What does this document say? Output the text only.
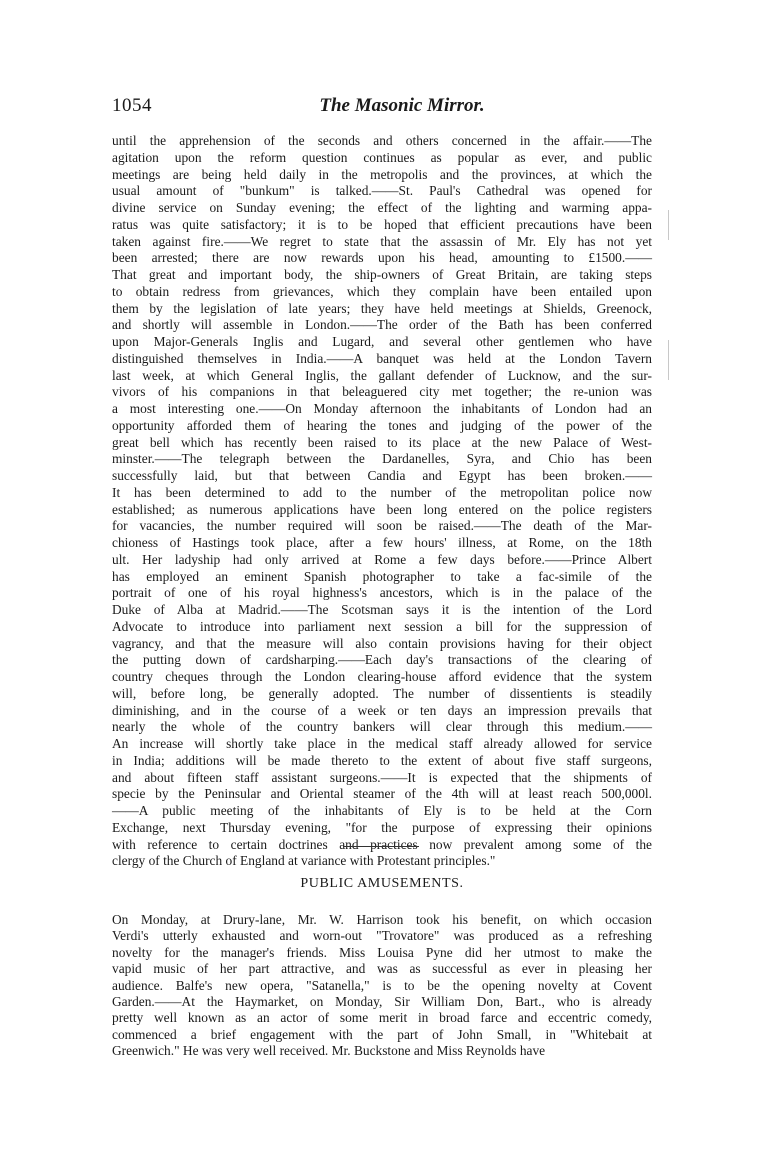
1054	The Masonic Mirror.
until the apprehension of the seconds and others concerned in the affair.——The
agitation upon the reform question continues as popular as ever, and public
meetings are being held daily in the metropolis and the provinces, at which the
usual amount of "bunkum" is talked.——St. Paul's Cathedral was opened for
divine service on Sunday evening; the effect of the lighting and warming appa-
ratus was quite satisfactory; it is to be hoped that efficient precautions have been
taken against fire.——We regret to state that the assassin of Mr. Ely has not yet
been arrested; there are now rewards upon his head, amounting to £1500.——
That great and important body, the ship-owners of Great Britain, are taking steps
to obtain redress from grievances, which they complain have been entailed upon
them by the legislation of late years; they have held meetings at Shields, Greenock,
and shortly will assemble in London.——The order of the Bath has been conferred
upon Major-Generals Inglis and Lugard, and several other gentlemen who have
distinguished themselves in India.——A banquet was held at the London Tavern
last week, at which General Inglis, the gallant defender of Lucknow, and the sur-
vivors of his companions in that beleaguered city met together; the re-union was
a most interesting one.——On Monday afternoon the inhabitants of London had an
opportunity afforded them of hearing the tones and judging of the power of the
great bell which has recently been raised to its place at the new Palace of West-
minster.——The telegraph between the Dardanelles, Syra, and Chio has been
successfully laid, but that between Candia and Egypt has been broken.——
It has been determined to add to the number of the metropolitan police now
established; as numerous applications have been long entered on the police registers
for vacancies, the number required will soon be raised.——The death of the Mar-
chioness of Hastings took place, after a few hours' illness, at Rome, on the 18th
ult. Her ladyship had only arrived at Rome a few days before.——Prince Albert
has employed an eminent Spanish photographer to take a fac-simile of the
portrait of one of his royal highness's ancestors, which is in the palace of the
Duke of Alba at Madrid.——The Scotsman says it is the intention of the Lord
Advocate to introduce into parliament next session a bill for the suppression of
vagrancy, and that the measure will also contain provisions having for their object
the putting down of cardsharping.——Each day's transactions of the clearing of
country cheques through the London clearing-house afford evidence that the system
will, before long, be generally adopted. The number of dissentients is steadily
diminishing, and in the course of a week or ten days an impression prevails that
nearly the whole of the country bankers will clear through this medium.——
An increase will shortly take place in the medical staff already allowed for service
in India; additions will be made thereto to the extent of about five staff surgeons,
and about fifteen staff assistant surgeons.——It is expected that the shipments of
specie by the Peninsular and Oriental steamer of the 4th will at least reach 500,000l.
——A public meeting of the inhabitants of Ely is to be held at the Corn
Exchange, next Thursday evening, "for the purpose of expressing their opinions
with reference to certain doctrines and practices now prevalent among some of the
clergy of the Church of England at variance with Protestant principles."
PUBLIC AMUSEMENTS.
On Monday, at Drury-lane, Mr. W. Harrison took his benefit, on which occasion
Verdi's utterly exhausted and worn-out "Trovatore" was produced as a refreshing
novelty for the manager's friends. Miss Louisa Pyne did her utmost to make the
vapid music of her part attractive, and was as successful as ever in pleasing her
audience. Balfe's new opera, "Satanella," is to be the opening novelty at Covent
Garden.——At the Haymarket, on Monday, Sir William Don, Bart., who is already
pretty well known as an actor of some merit in broad farce and eccentric comedy,
commenced a brief engagement with the part of John Small, in "Whitebait at
Greenwich." He was very well received. Mr. Buckstone and Miss Reynolds have
